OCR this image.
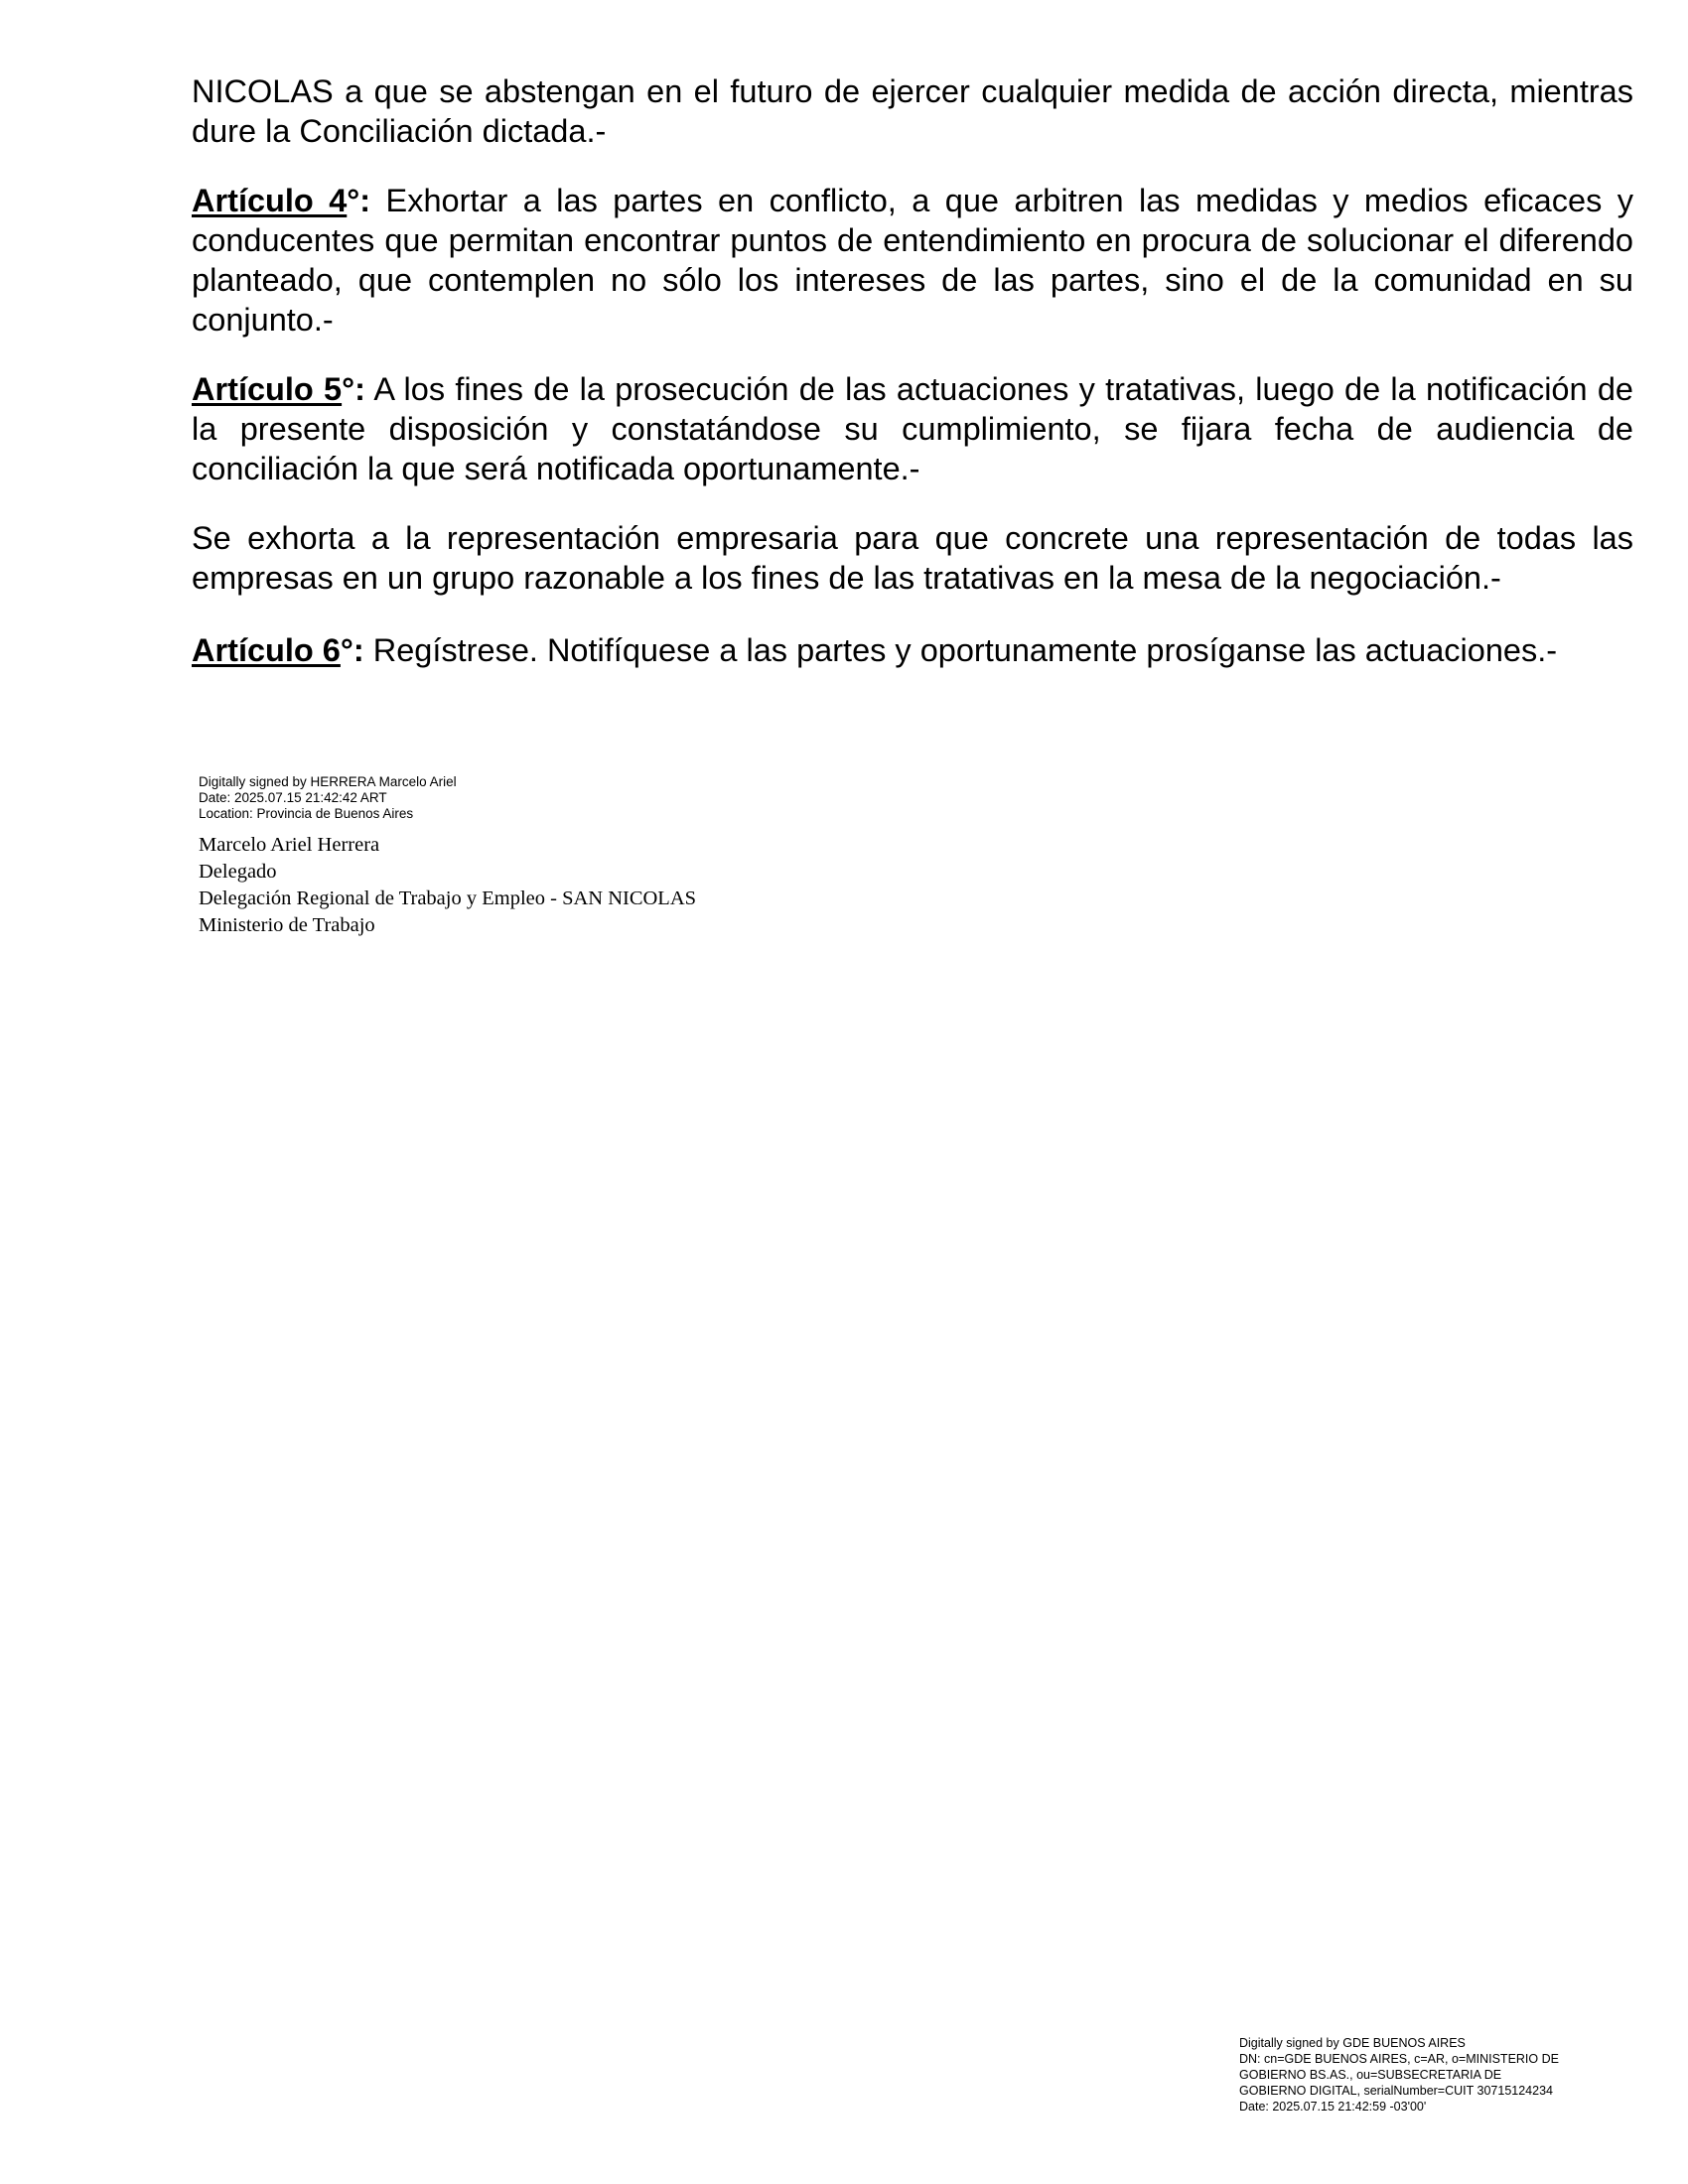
NICOLAS a que se abstengan en el futuro de ejercer cualquier medida de acción directa, mientras dure la Conciliación dictada.-

Artículo 4°: Exhortar a las partes en conflicto, a que arbitren las medidas y medios eficaces y conducentes que permitan encontrar puntos de entendimiento en procura de solucionar el diferendo planteado, que contemplen no sólo los intereses de las partes, sino el de la comunidad en su conjunto.-

Artículo 5°: A los fines de la prosecución de las actuaciones y tratativas, luego de la notificación de la presente disposición y constatándose su cumplimiento, se fijara fecha de audiencia de conciliación la que será notificada oportunamente.-

Se exhorta a la representación empresaria para que concrete una representación de todas las empresas en un grupo razonable a los fines de las tratativas en la mesa de la negociación.-

Artículo 6°: Regístrese. Notifíquese a las partes y oportunamente prosíganse las actuaciones.-

Digitally signed by HERRERA Marcelo Ariel
Date: 2025.07.15 21:42:42 ART
Location: Provincia de Buenos Aires
Marcelo Ariel Herrera
Delegado
Delegación Regional de Trabajo y Empleo - SAN NICOLAS
Ministerio de Trabajo
Digitally signed by GDE BUENOS AIRES
DN: cn=GDE BUENOS AIRES, c=AR, o=MINISTERIO DE
GOBIERNO BS.AS., ou=SUBSECRETARIA DE
GOBIERNO DIGITAL, serialNumber=CUIT 30715124234
Date: 2025.07.15 21:42:59 -03'00'
